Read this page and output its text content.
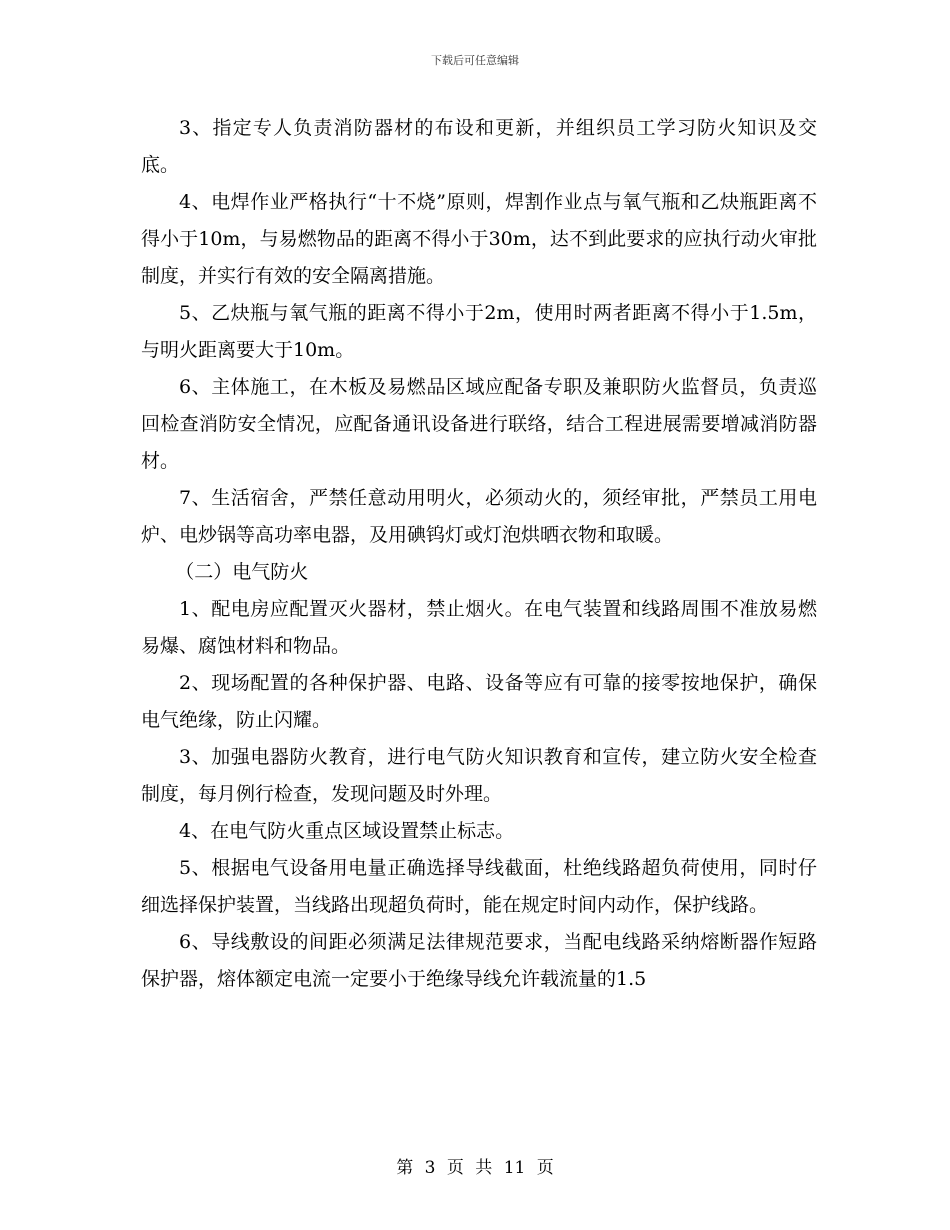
下载后可任意编辑

3、指定专人负责消防器材的布设和更新，并组织员工学习防火知识及交底。

4、电焊作业严格执行“十不烧”原则，焊割作业点与氧气瓶和乙炔瓶距离不得小于10m，与易燃物品的距离不得小于30m，达不到此要求的应执行动火审批制度，并实行有效的安全隔离措施。

5、乙炔瓶与氧气瓶的距离不得小于2m，使用时两者距离不得小于1.5m，与明火距离要大于10m。

6、主体施工，在木板及易燃品区域应配备专职及兼职防火监督员，负责巡回检查消防安全情况，应配备通讯设备进行联络，结合工程进展需要增减消防器材。

7、生活宿舍，严禁任意动用明火，必须动火的，须经审批，严禁员工用电炉、电炒锅等高功率电器，及用碘钨灯或灯泡烘晒衣物和取暖。

（二）电气防火

1、配电房应配置灭火器材，禁止烟火。在电气装置和线路周围不准放易燃易爆、腐蚀材料和物品。

2、现场配置的各种保护器、电路、设备等应有可靠的接零按地保护，确保电气绝缘，防止闪耀。

3、加强电器防火教育，进行电气防火知识教育和宣传，建立防火安全检查制度，每月例行检查，发现问题及时外理。

4、在电气防火重点区域设置禁止标志。

5、根据电气设备用电量正确选择导线截面，杜绝线路超负荷使用，同时仔细选择保护装置，当线路出现超负荷时，能在规定时间内动作，保护线路。

6、导线敷设的间距必须满足法律规范要求，当配电线路采纳熔断器作短路保护器，熔体额定电流一定要小于绝缘导线允许载流量的1.5

第 3 页 共 11 页
